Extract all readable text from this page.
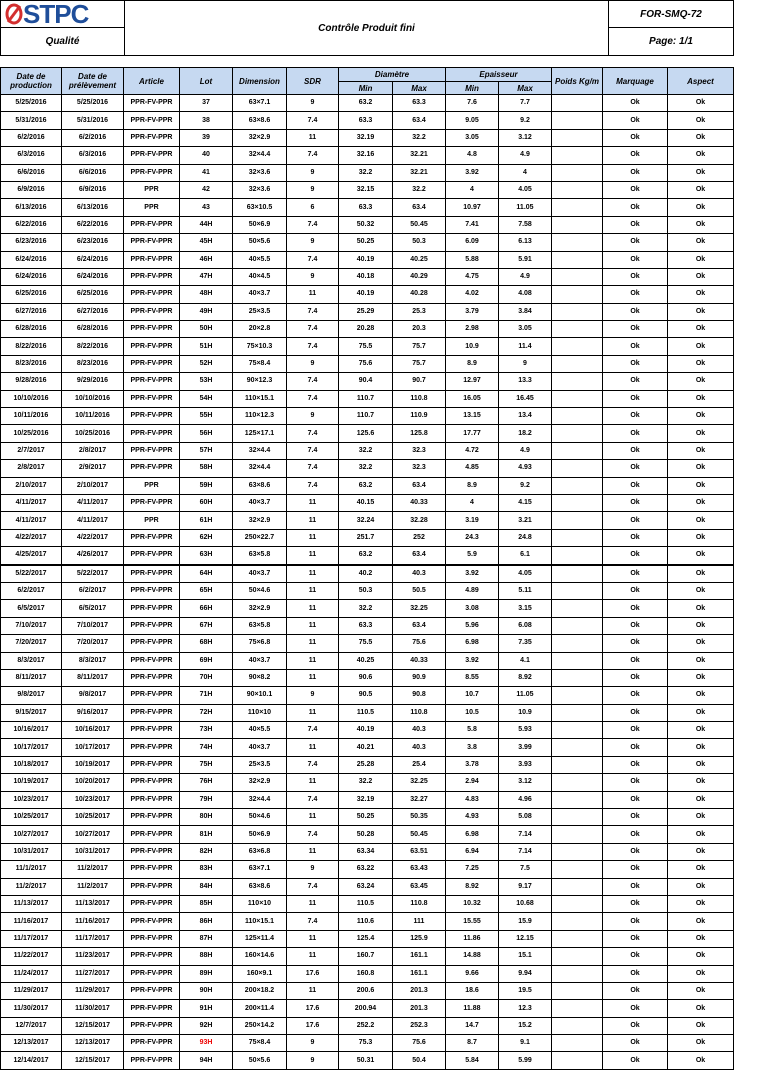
STPC	Contrôle Produit fini	FOR-SMQ-72
Qualité		Page: 1/1
Date de production	Date de prélèvement	Article	Lot	Dimension	SDR	Diamètre		Epaisseur		Poids Kg/m	Marquage	Aspect
						Min	Max	Min	Max			
5/25/2016	5/25/2016	PPR-FV-PPR	37	63×7.1	9	63.2	63.3	7.6	7.7		Ok	Ok
5/31/2016	5/31/2016	PPR-FV-PPR	38	63×8.6	7.4	63.3	63.4	9.05	9.2		Ok	Ok
6/2/2016	6/2/2016	PPR-FV-PPR	39	32×2.9	11	32.19	32.2	3.05	3.12		Ok	Ok
6/3/2016	6/3/2016	PPR-FV-PPR	40	32×4.4	7.4	32.16	32.21	4.8	4.9		Ok	Ok
6/6/2016	6/6/2016	PPR-FV-PPR	41	32×3.6	9	32.2	32.21	3.92	4		Ok	Ok
6/9/2016	6/9/2016	PPR	42	32×3.6	9	32.15	32.2	4	4.05		Ok	Ok
6/13/2016	6/13/2016	PPR	43	63×10.5	6	63.3	63.4	10.97	11.05		Ok	Ok
6/22/2016	6/22/2016	PPR-FV-PPR	44H	50×6.9	7.4	50.32	50.45	7.41	7.58		Ok	Ok
6/23/2016	6/23/2016	PPR-FV-PPR	45H	50×5.6	9	50.25	50.3	6.09	6.13		Ok	Ok
6/24/2016	6/24/2016	PPR-FV-PPR	46H	40×5.5	7.4	40.19	40.25	5.88	5.91		Ok	Ok
6/24/2016	6/24/2016	PPR-FV-PPR	47H	40×4.5	9	40.18	40.29	4.75	4.9		Ok	Ok
6/25/2016	6/25/2016	PPR-FV-PPR	48H	40×3.7	11	40.19	40.28	4.02	4.08		Ok	Ok
6/27/2016	6/27/2016	PPR-FV-PPR	49H	25×3.5	7.4	25.29	25.3	3.79	3.84		Ok	Ok
6/28/2016	6/28/2016	PPR-FV-PPR	50H	20×2.8	7.4	20.28	20.3	2.98	3.05		Ok	Ok
8/22/2016	8/22/2016	PPR-FV-PPR	51H	75×10.3	7.4	75.5	75.7	10.9	11.4		Ok	Ok
8/23/2016	8/23/2016	PPR-FV-PPR	52H	75×8.4	9	75.6	75.7	8.9	9		Ok	Ok
9/28/2016	9/29/2016	PPR-FV-PPR	53H	90×12.3	7.4	90.4	90.7	12.97	13.3		Ok	Ok
10/10/2016	10/10/2016	PPR-FV-PPR	54H	110×15.1	7.4	110.7	110.8	16.05	16.45		Ok	Ok
10/11/2016	10/11/2016	PPR-FV-PPR	55H	110×12.3	9	110.7	110.9	13.15	13.4		Ok	Ok
10/25/2016	10/25/2016	PPR-FV-PPR	56H	125×17.1	7.4	125.6	125.8	17.77	18.2		Ok	Ok
2/7/2017	2/8/2017	PPR-FV-PPR	57H	32×4.4	7.4	32.2	32.3	4.72	4.9		Ok	Ok
2/8/2017	2/9/2017	PPR-FV-PPR	58H	32×4.4	7.4	32.2	32.3	4.85	4.93		Ok	Ok
2/10/2017	2/10/2017	PPR	59H	63×8.6	7.4	63.2	63.4	8.9	9.2		Ok	Ok
4/11/2017	4/11/2017	PPR-FV-PPR	60H	40×3.7	11	40.15	40.33	4	4.15		Ok	Ok
4/11/2017	4/11/2017	PPR	61H	32×2.9	11	32.24	32.28	3.19	3.21		Ok	Ok
4/22/2017	4/22/2017	PPR-FV-PPR	62H	250×22.7	11	251.7	252	24.3	24.8		Ok	Ok
4/25/2017	4/26/2017	PPR-FV-PPR	63H	63×5.8	11	63.2	63.4	5.9	6.1		Ok	Ok
5/22/2017	5/22/2017	PPR-FV-PPR	64H	40×3.7	11	40.2	40.3	3.92	4.05		Ok	Ok
6/2/2017	6/2/2017	PPR-FV-PPR	65H	50×4.6	11	50.3	50.5	4.89	5.11		Ok	Ok
6/5/2017	6/5/2017	PPR-FV-PPR	66H	32×2.9	11	32.2	32.25	3.08	3.15		Ok	Ok
7/10/2017	7/10/2017	PPR-FV-PPR	67H	63×5.8	11	63.3	63.4	5.96	6.08		Ok	Ok
7/20/2017	7/20/2017	PPR-FV-PPR	68H	75×6.8	11	75.5	75.6	6.98	7.35		Ok	Ok
8/3/2017	8/3/2017	PPR-FV-PPR	69H	40×3.7	11	40.25	40.33	3.92	4.1		Ok	Ok
8/11/2017	8/11/2017	PPR-FV-PPR	70H	90×8.2	11	90.6	90.9	8.55	8.92		Ok	Ok
9/8/2017	9/8/2017	PPR-FV-PPR	71H	90×10.1	9	90.5	90.8	10.7	11.05		Ok	Ok
9/15/2017	9/16/2017	PPR-FV-PPR	72H	110×10	11	110.5	110.8	10.5	10.9		Ok	Ok
10/16/2017	10/16/2017	PPR-FV-PPR	73H	40×5.5	7.4	40.19	40.3	5.8	5.93		Ok	Ok
10/17/2017	10/17/2017	PPR-FV-PPR	74H	40×3.7	11	40.21	40.3	3.8	3.99		Ok	Ok
10/18/2017	10/19/2017	PPR-FV-PPR	75H	25×3.5	7.4	25.28	25.4	3.78	3.93		Ok	Ok
10/19/2017	10/20/2017	PPR-FV-PPR	76H	32×2.9	11	32.2	32.25	2.94	3.12		Ok	Ok
10/23/2017	10/23/2017	PPR-FV-PPR	79H	32×4.4	7.4	32.19	32.27	4.83	4.96		Ok	Ok
10/25/2017	10/25/2017	PPR-FV-PPR	80H	50×4.6	11	50.25	50.35	4.93	5.08		Ok	Ok
10/27/2017	10/27/2017	PPR-FV-PPR	81H	50×6.9	7.4	50.28	50.45	6.98	7.14		Ok	Ok
10/31/2017	10/31/2017	PPR-FV-PPR	82H	63×6.8	11	63.34	63.51	6.94	7.14		Ok	Ok
11/1/2017	11/2/2017	PPR-FV-PPR	83H	63×7.1	9	63.22	63.43	7.25	7.5		Ok	Ok
11/2/2017	11/2/2017	PPR-FV-PPR	84H	63×8.6	7.4	63.24	63.45	8.92	9.17		Ok	Ok
11/13/2017	11/13/2017	PPR-FV-PPR	85H	110×10	11	110.5	110.8	10.32	10.68		Ok	Ok
11/16/2017	11/16/2017	PPR-FV-PPR	86H	110×15.1	7.4	110.6	111	15.55	15.9		Ok	Ok
11/17/2017	11/17/2017	PPR-FV-PPR	87H	125×11.4	11	125.4	125.9	11.86	12.15		Ok	Ok
11/22/2017	11/23/2017	PPR-FV-PPR	88H	160×14.6	11	160.7	161.1	14.88	15.1		Ok	Ok
11/24/2017	11/27/2017	PPR-FV-PPR	89H	160×9.1	17.6	160.8	161.1	9.66	9.94		Ok	Ok
11/29/2017	11/29/2017	PPR-FV-PPR	90H	200×18.2	11	200.6	201.3	18.6	19.5		Ok	Ok
11/30/2017	11/30/2017	PPR-FV-PPR	91H	200×11.4	17.6	200.94	201.3	11.88	12.3		Ok	Ok
12/7/2017	12/15/2017	PPR-FV-PPR	92H	250×14.2	17.6	252.2	252.3	14.7	15.2		Ok	Ok
12/13/2017	12/13/2017	PPR-FV-PPR	93H	75×8.4	9	75.3	75.6	8.7	9.1		Ok	Ok
12/14/2017	12/15/2017	PPR-FV-PPR	94H	50×5.6	9	50.31	50.4	5.84	5.99		Ok	Ok
